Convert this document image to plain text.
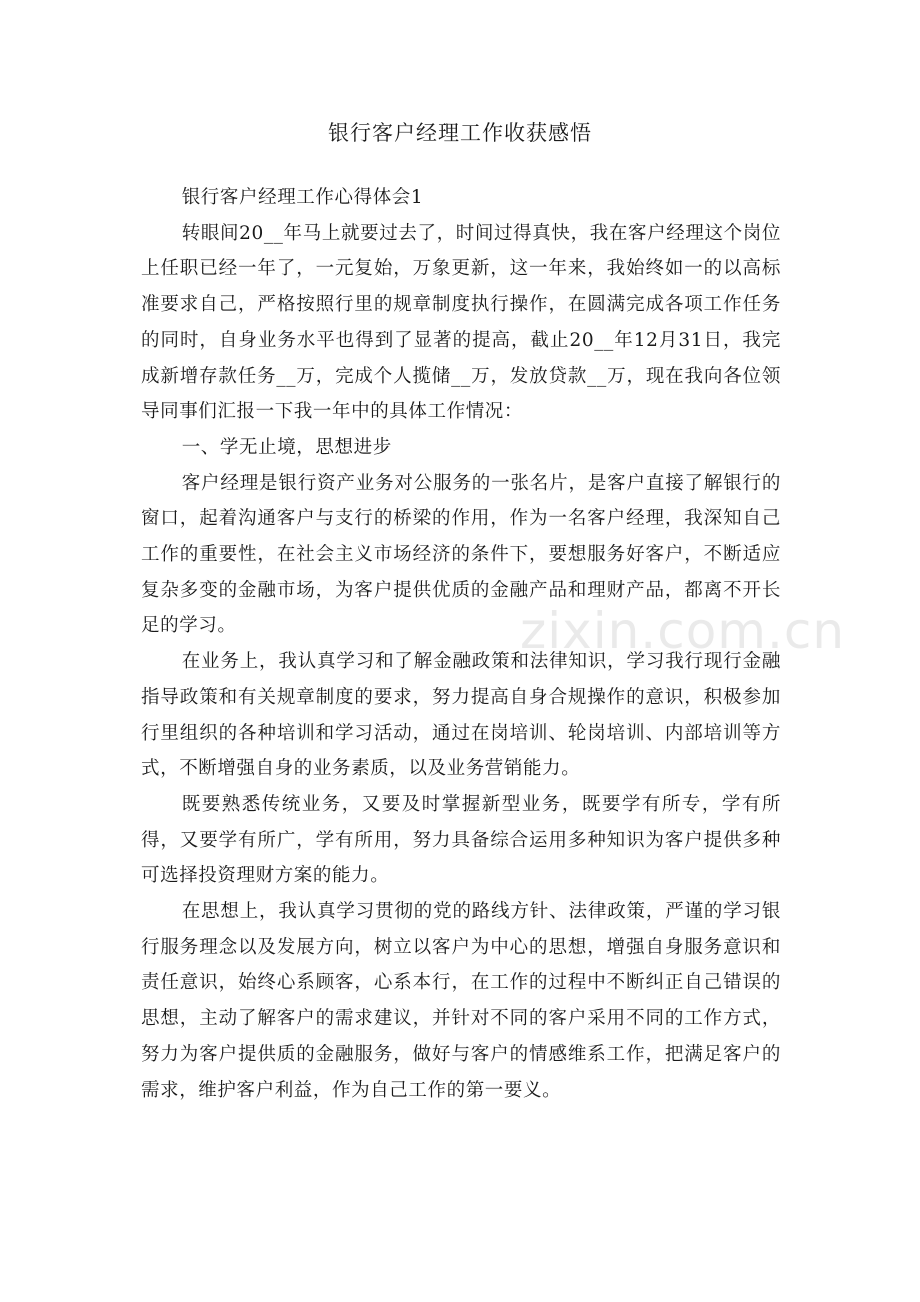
银行客户经理工作收获感悟

银行客户经理工作心得体会1

转眼间20__年马上就要过去了，时间过得真快，我在客户经理这个岗位上任职已经一年了，一元复始，万象更新，这一年来，我始终如一的以高标准要求自己，严格按照行里的规章制度执行操作，在圆满完成各项工作任务的同时，自身业务水平也得到了显著的提高，截止20__年12月31日，我完成新增存款任务__万，完成个人揽储__万，发放贷款__万，现在我向各位领导同事们汇报一下我一年中的具体工作情况：

一、学无止境，思想进步

客户经理是银行资产业务对公服务的一张名片，是客户直接了解银行的窗口，起着沟通客户与支行的桥梁的作用，作为一名客户经理，我深知自己工作的重要性，在社会主义市场经济的条件下，要想服务好客户，不断适应复杂多变的金融市场，为客户提供优质的金融产品和理财产品，都离不开长足的学习。

在业务上，我认真学习和了解金融政策和法律知识，学习我行现行金融指导政策和有关规章制度的要求，努力提高自身合规操作的意识，积极参加行里组织的各种培训和学习活动，通过在岗培训、轮岗培训、内部培训等方式，不断增强自身的业务素质，以及业务营销能力。

既要熟悉传统业务，又要及时掌握新型业务，既要学有所专，学有所得，又要学有所广，学有所用，努力具备综合运用多种知识为客户提供多种可选择投资理财方案的能力。

在思想上，我认真学习贯彻的党的路线方针、法律政策，严谨的学习银行服务理念以及发展方向，树立以客户为中心的思想，增强自身服务意识和责任意识，始终心系顾客，心系本行，在工作的过程中不断纠正自己错误的思想，主动了解客户的需求建议，并针对不同的客户采用不同的工作方式，努力为客户提供质的金融服务，做好与客户的情感维系工作，把满足客户的需求，维护客户利益，作为自己工作的第一要义。

zixin.com.cn
